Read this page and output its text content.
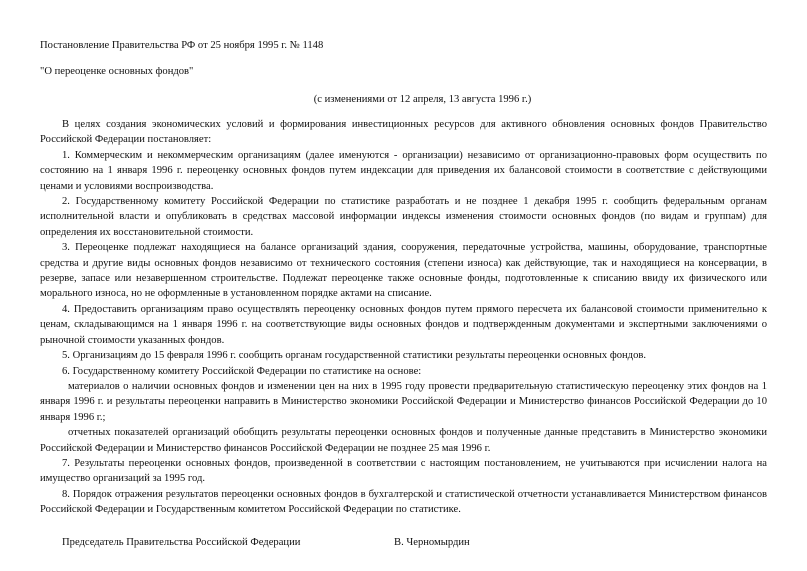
Постановление Правительства РФ от 25 ноября 1995 г. № 1148
"О переоценке основных фондов"
(с изменениями от 12 апреля, 13 августа 1996 г.)

В целях создания экономических условий и формирования инвестиционных ресурсов для активного обновления основных фондов Правительство Российской Федерации постановляет:

1. Коммерческим и некоммерческим организациям (далее именуются - организации) независимо от организационно-правовых форм осуществить по состоянию на 1 января 1996 г. переоценку основных фондов путем индексации для приведения их балансовой стоимости в соответствие с действующими ценами и условиями воспроизводства.

2. Государственному комитету Российской Федерации по статистике разработать и не позднее 1 декабря 1995 г. сообщить федеральным органам исполнительной власти и опубликовать в средствах массовой информации индексы изменения стоимости основных фондов (по видам и группам) для определения их восстановительной стоимости.

3. Переоценке подлежат находящиеся на балансе организаций здания, сооружения, передаточные устройства, машины, оборудование, транспортные средства и другие виды основных фондов независимо от технического состояния (степени износа) как действующие, так и находящиеся на консервации, в резерве, запасе или незавершенном строительстве. Подлежат переоценке также основные фонды, подготовленные к списанию ввиду их физического или морального износа, но не оформленные в установленном порядке актами на списание.

4. Предоставить организациям право осуществлять переоценку основных фондов путем прямого пересчета их балансовой стоимости применительно к ценам, складывающимся на 1 января 1996 г. на соответствующие виды основных фондов и подтвержденным документами и экспертными заключениями о рыночной стоимости указанных фондов.

5. Организациям до 15 февраля 1996 г. сообщить органам государственной статистики результаты переоценки основных фондов.

6. Государственному комитету Российской Федерации по статистике на основе:

материалов о наличии основных фондов и изменении цен на них в 1995 году провести предварительную статистическую переоценку этих фондов на 1 января 1996 г. и результаты переоценки направить в Министерство экономики Российской Федерации и Министерство финансов Российской Федерации до 10 января 1996 г.;

отчетных показателей организаций обобщить результаты переоценки основных фондов и полученные данные представить в Министерство экономики Российской Федерации и Министерство финансов Российской Федерации не позднее 25 мая 1996 г.

7. Результаты переоценки основных фондов, произведенной в соответствии с настоящим постановлением, не учитываются при исчислении налога на имущество организаций за 1995 год.

8. Порядок отражения результатов переоценки основных фондов в бухгалтерской и статистической отчетности устанавливается Министерством финансов Российской Федерации и Государственным комитетом Российской Федерации по статистике.

Председатель Правительства Российской Федерации	В. Черномырдин
